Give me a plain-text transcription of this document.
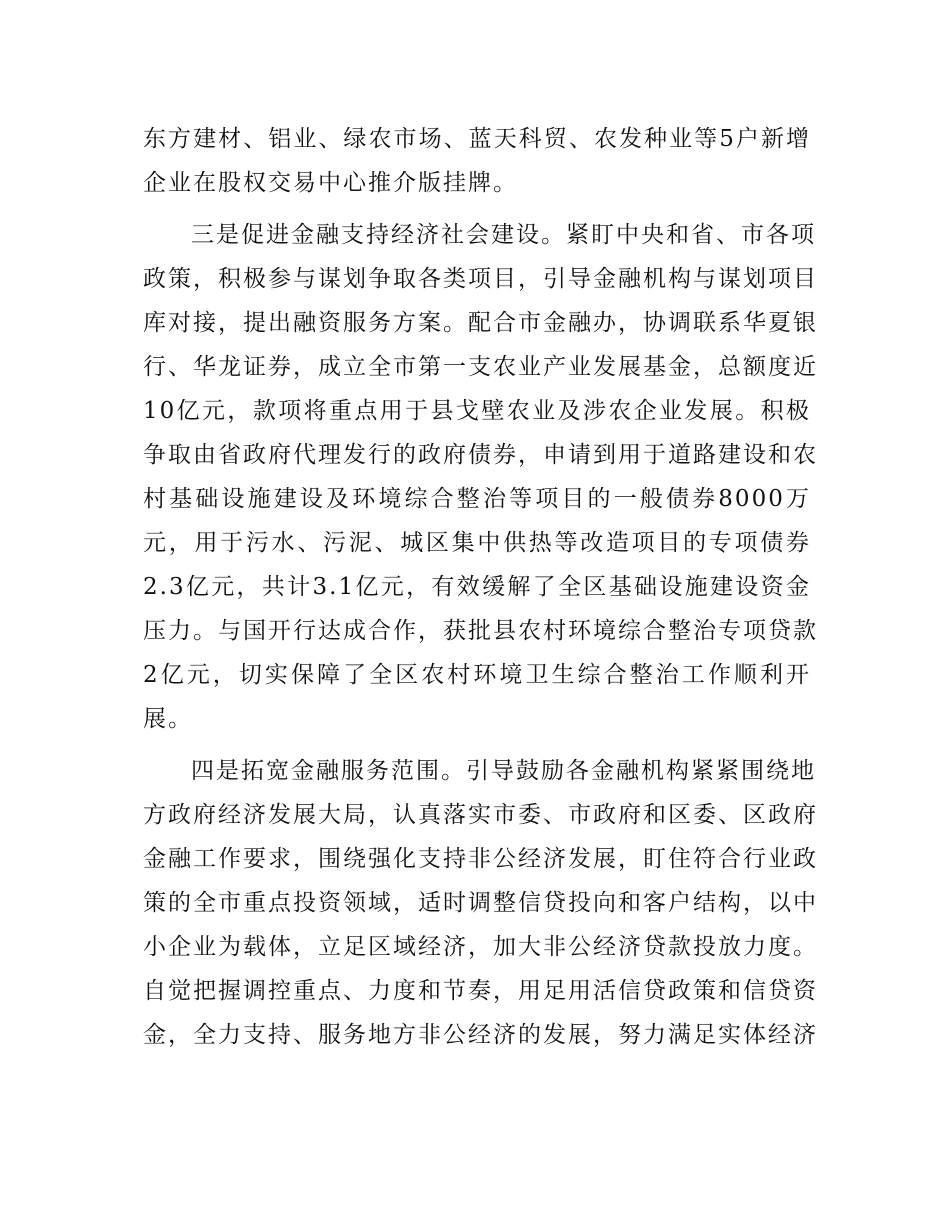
东方建材、铝业、绿农市场、蓝天科贸、农发种业等5户新增
企业在股权交易中心推介版挂牌。
三是促进金融支持经济社会建设。紧盯中央和省、市各项
政策，积极参与谋划争取各类项目，引导金融机构与谋划项目
库对接，提出融资服务方案。配合市金融办，协调联系华夏银
行、华龙证券，成立全市第一支农业产业发展基金，总额度近
10亿元，款项将重点用于县戈壁农业及涉农企业发展。积极
争取由省政府代理发行的政府债券，申请到用于道路建设和农
村基础设施建设及环境综合整治等项目的一般债券8000万
元，用于污水、污泥、城区集中供热等改造项目的专项债券
2.3亿元，共计3.1亿元，有效缓解了全区基础设施建设资金
压力。与国开行达成合作，获批县农村环境综合整治专项贷款
2亿元，切实保障了全区农村环境卫生综合整治工作顺利开
展。
四是拓宽金融服务范围。引导鼓励各金融机构紧紧围绕地
方政府经济发展大局，认真落实市委、市政府和区委、区政府
金融工作要求，围绕强化支持非公经济发展，盯住符合行业政
策的全市重点投资领域，适时调整信贷投向和客户结构，以中
小企业为载体，立足区域经济，加大非公经济贷款投放力度。
自觉把握调控重点、力度和节奏，用足用活信贷政策和信贷资
金，全力支持、服务地方非公经济的发展，努力满足实体经济
